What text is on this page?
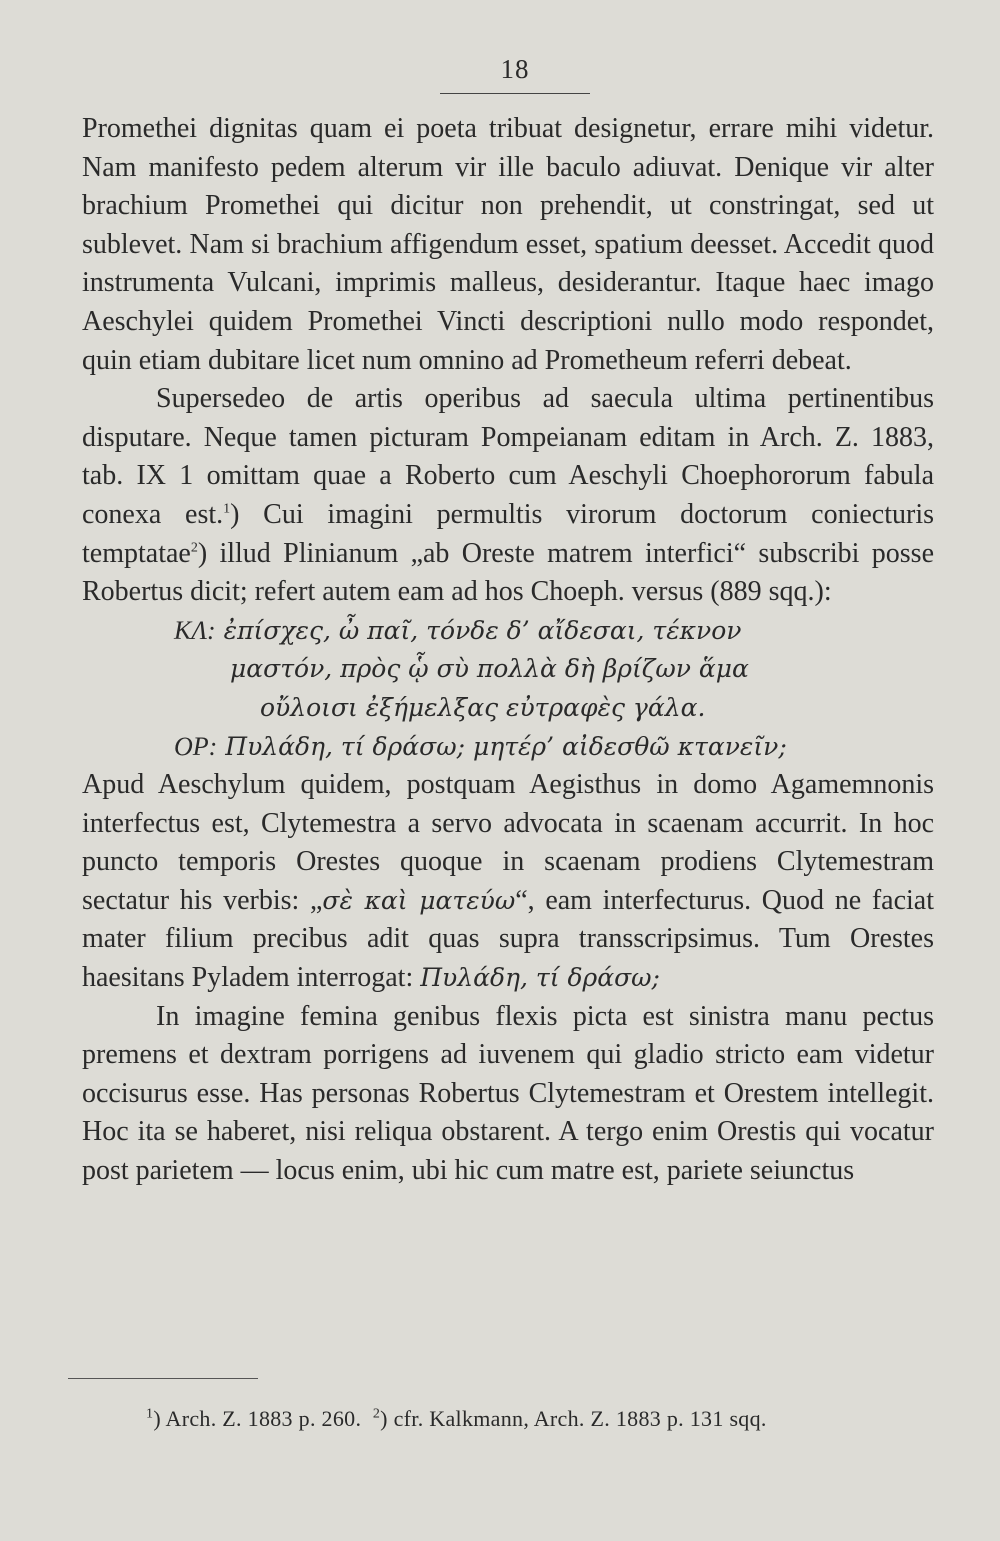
18

Promethei dignitas quam ei poeta tribuat designetur, errare mihi videtur. Nam manifesto pedem alterum vir ille baculo adiuvat. Denique vir alter brachium Promethei qui dicitur non prehendit, ut constringat, sed ut sublevet. Nam si brachium affigendum esset, spatium deesset. Accedit quod instrumenta Vulcani, imprimis malleus, desiderantur. Itaque haec imago Aeschylei quidem Promethei Vincti descriptioni nullo modo respondet, quin etiam dubitare licet num omnino ad Prometheum referri debeat.

Supersedeo de artis operibus ad saecula ultima pertinentibus disputare. Neque tamen picturam Pompeianam editam in Arch. Z. 1883, tab. IX 1 omittam quae a Roberto cum Aeschyli Choephororum fabula conexa est.$^1$) Cui imagini permultis virorum doctorum coniecturis temptatae$^2$) illud Plinianum „ab Oreste matrem interfici“ subscribi posse Robertus dicit; refert autem eam ad hos Choeph. versus (889 sqq.):

ΚΛ: ἐπίσχες, ὦ παῖ, τόνδε δ’ αἴδεσαι, τέκνον
μαστόν, πρὸς ᾧ σὺ πολλὰ δὴ βρίζων ἅμα
οὔλοισι ἐξήμελξας εὐτραφὲς γάλα.
ΟΡ: Πυλάδη, τί δράσω; μητέρ’ αἰδεσθῶ κτανεῖν;

Apud Aeschylum quidem, postquam Aegisthus in domo Agamemnonis interfectus est, Clytemestra a servo advocata in scaenam accurrit. In hoc puncto temporis Orestes quoque in scaenam prodiens Clytemestram sectatur his verbis: „σὲ καὶ ματεύω“, eam interfecturus. Quod ne faciat mater filium precibus adit quas supra transscripsimus. Tum Orestes haesitans Pyladem interrogat: Πυλάδη, τί δράσω;

In imagine femina genibus flexis picta est sinistra manu pectus premens et dextram porrigens ad iuvenem qui gladio stricto eam videtur occisurus esse. Has personas Robertus Clytemestram et Orestem intellegit. Hoc ita se haberet, nisi reliqua obstarent. A tergo enim Orestis qui vocatur post parietem — locus enim, ubi hic cum matre est, pariete seiunctus

$^1$) Arch. Z. 1883 p. 260. $^2$) cfr. Kalkmann, Arch. Z. 1883 p. 131 sqq.
